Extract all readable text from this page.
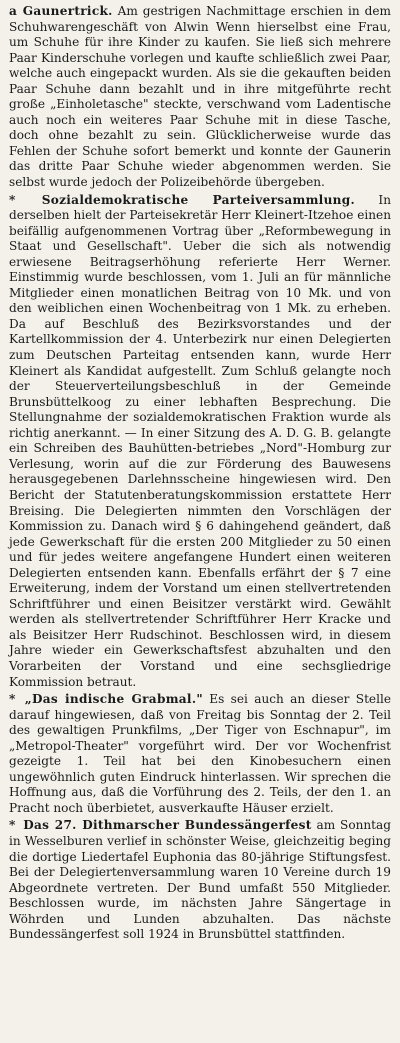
a Gaunertrick. Am gestrigen Nachmittage erschien in dem Schuhwarengeschäft von Alwin Wenn hierselbst eine Frau, um Schuhe für ihre Kinder zu kaufen. Sie ließ sich mehrere Paar Kinderschuhe vorlegen und kaufte schließlich zwei Paar, welche auch eingepackt wurden. Als sie die gekauften beiden Paar Schuhe dann bezahlt und in ihre mitgeführte recht große „Einholetasche" steckte, verschwand vom Ladentische auch noch ein weiteres Paar Schuhe mit in diese Tasche, doch ohne bezahlt zu sein. Glücklicherweise wurde das Fehlen der Schuhe sofort bemerkt und konnte der Gaunerin das dritte Paar Schuhe wieder abgenommen werden. Sie selbst wurde jedoch der Polizeibehörde übergeben.

* Sozialdemokratische Parteiversammlung. In derselben hielt der Parteisekretär Herr Kleinert-Itzehoe einen beifällig aufgenommenen Vortrag über „Reformbewegung in Staat und Gesellschaft". Ueber die sich als notwendig erwiesene Beitragserhöhung referierte Herr Werner. Einstimmig wurde beschlossen, vom 1. Juli an für männliche Mitglieder einen monatlichen Beitrag von 10 Mk. und von den weiblichen einen Wochenbeitrag von 1 Mk. zu erheben. Da auf Beschluß des Bezirksvorstandes und der Kartellkommission der 4. Unterbezirk nur einen Delegierten zum Deutschen Parteitag entsenden kann, wurde Herr Kleinert als Kandidat aufgestellt. Zum Schluß gelangte noch der Steuerverteilungsbeschluß in der Gemeinde Brunsbüttelkoog zu einer lebhaften Besprechung. Die Stellungnahme der sozialdemokratischen Fraktion wurde als richtig anerkannt. — In einer Sitzung des A. D. G. B. gelangte ein Schreiben des Bauhütten-betriebes „Nord"-Homburg zur Verlesung, worin auf die zur Förderung des Bauwesens herausgegebenen Darlehnsscheine hingewiesen wird. Den Bericht der Statutenberatungskommission erstattete Herr Breising. Die Delegierten nimmten den Vorschlägen der Kommission zu. Danach wird § 6 dahingehend geändert, daß jede Gewerkschaft für die ersten 200 Mitglieder zu 50 einen und für jedes weitere angefangene Hundert einen weiteren Delegierten entsenden kann. Ebenfalls erfährt der § 7 eine Erweiterung, indem der Vorstand um einen stellvertretenden Schriftführer und einen Beisitzer verstärkt wird. Gewählt werden als stellvertretender Schriftführer Herr Kracke und als Beisitzer Herr Rudschinot. Beschlossen wird, in diesem Jahre wieder ein Gewerkschaftsfest abzuhalten und den Vorarbeiten der Vorstand und eine sechsgliedrige Kommission betraut.

* „Das indische Grabmal." Es sei auch an dieser Stelle darauf hingewiesen, daß von Freitag bis Sonntag der 2. Teil des gewaltigen Prunkfilms, „Der Tiger von Eschnapur", im „Metropol-Theater" vorgeführt wird. Der vor Wochenfrist gezeigte 1. Teil hat bei den Kinobesuchern einen ungewöhnlich guten Eindruck hinterlassen. Wir sprechen die Hoffnung aus, daß die Vorführung des 2. Teils, der den 1. an Pracht noch überbietet, ausverkaufte Häuser erzielt.

* Das 27. Dithmarscher Bundessängerfest am Sonntag in Wesselburen verlief in schönster Weise, gleichzeitig beging die dortige Liedertafel Euphonia das 80-jährige Stiftungsfest. Bei der Delegiertenversammlung waren 10 Vereine durch 19 Abgeordnete vertreten. Der Bund umfaßt 550 Mitglieder. Beschlossen wurde, im nächsten Jahre Sängertage in Wöhrden und Lunden abzuhalten. Das nächste Bundessängerfest soll 1924 in Brunsbüttel stattfinden.
